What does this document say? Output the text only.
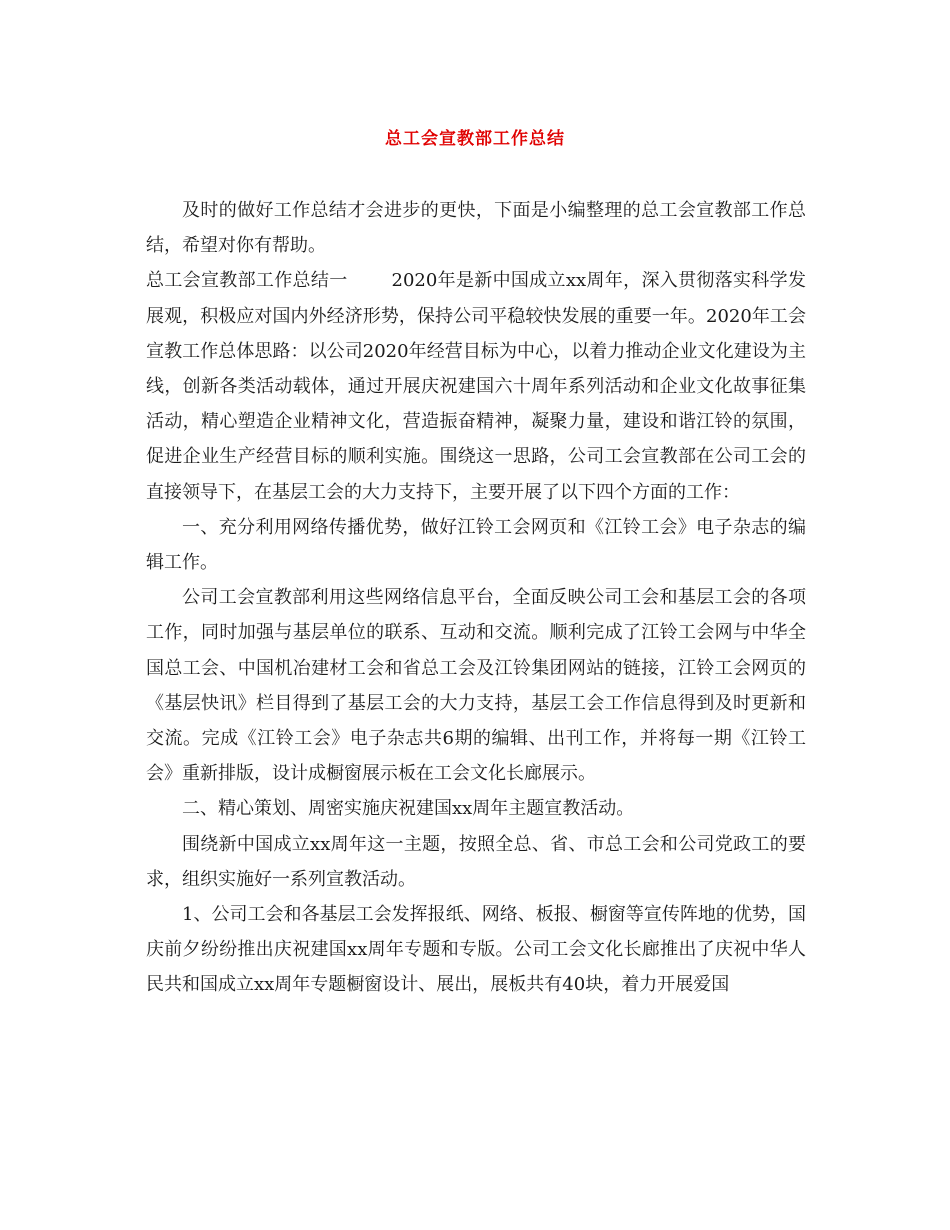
总工会宣教部工作总结

及时的做好工作总结才会进步的更快，下面是小编整理的总工会宣教部工作总结，希望对你有帮助。

总工会宣教部工作总结一 2020年是新中国成立xx周年，深入贯彻落实科学发展观，积极应对国内外经济形势，保持公司平稳较快发展的重要一年。2020年工会宣教工作总体思路：以公司2020年经营目标为中心，以着力推动企业文化建设为主线，创新各类活动载体，通过开展庆祝建国六十周年系列活动和企业文化故事征集活动，精心塑造企业精神文化，营造振奋精神，凝聚力量，建设和谐江铃的氛围，促进企业生产经营目标的顺利实施。围绕这一思路，公司工会宣教部在公司工会的直接领导下，在基层工会的大力支持下，主要开展了以下四个方面的工作：

一、充分利用网络传播优势，做好江铃工会网页和《江铃工会》电子杂志的编辑工作。

公司工会宣教部利用这些网络信息平台，全面反映公司工会和基层工会的各项工作，同时加强与基层单位的联系、互动和交流。顺利完成了江铃工会网与中华全国总工会、中国机冶建材工会和省总工会及江铃集团网站的链接，江铃工会网页的《基层快讯》栏目得到了基层工会的大力支持，基层工会工作信息得到及时更新和交流。完成《江铃工会》电子杂志共6期的编辑、出刊工作，并将每一期《江铃工会》重新排版，设计成橱窗展示板在工会文化长廊展示。

二、精心策划、周密实施庆祝建国xx周年主题宣教活动。

围绕新中国成立xx周年这一主题，按照全总、省、市总工会和公司党政工的要求，组织实施好一系列宣教活动。

1、公司工会和各基层工会发挥报纸、网络、板报、橱窗等宣传阵地的优势，国庆前夕纷纷推出庆祝建国xx周年专题和专版。公司工会文化长廊推出了庆祝中华人民共和国成立xx周年专题橱窗设计、展出，展板共有40块，着力开展爱国
